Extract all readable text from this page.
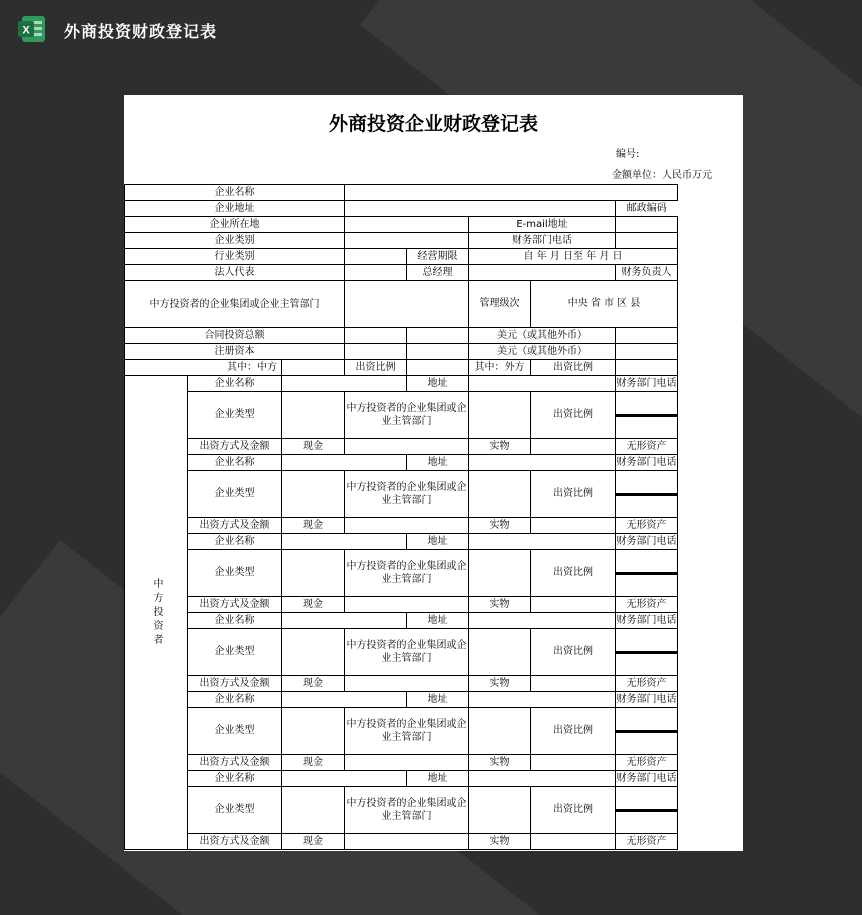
X 外商投资财政登记表
外商投资企业财政登记表
编号:
金额单位：人民币万元
企业名称	
企业地址		邮政编码
企业所在地		E-mail地址	
企业类别		财务部门电话	
行业类别		经营期限	自 年 月 日至 年 月 日
法人代表		总经理		财务负责人
中方投资者的企业集团或企业主管部门		管理级次	中央 省 市 区 县
合同投资总额			美元（或其他外币）	
注册资本			美元（或其他外币）	
其中：中方		出资比例		其中：外方	出资比例	
中方投资者	企业名称		地址		财务部门电话
企业类型		中方投资者的企业集团或企业主管部门		出资比例	

出资方式及金额	现金		实物		无形资产
企业名称		地址		财务部门电话
企业类型		中方投资者的企业集团或企业主管部门		出资比例	

出资方式及金额	现金		实物		无形资产
企业名称		地址		财务部门电话
企业类型		中方投资者的企业集团或企业主管部门		出资比例	

出资方式及金额	现金		实物		无形资产
企业名称		地址		财务部门电话
企业类型		中方投资者的企业集团或企业主管部门		出资比例	

出资方式及金额	现金		实物		无形资产
企业名称		地址		财务部门电话
企业类型		中方投资者的企业集团或企业主管部门		出资比例	

出资方式及金额	现金		实物		无形资产
企业名称		地址		财务部门电话
企业类型		中方投资者的企业集团或企业主管部门		出资比例	

出资方式及金额	现金		实物		无形资产
